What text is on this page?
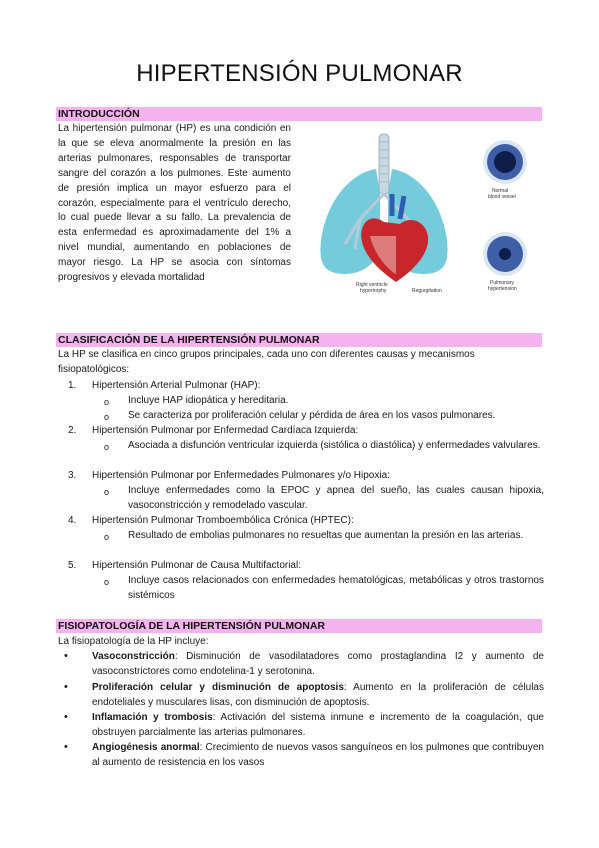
HIPERTENSIÓN PULMONAR
INTRODUCCIÓN
La hipertensión pulmonar (HP) es una condición en la que se eleva anormalmente la presión en las arterias pulmonares, responsables de transportar sangre del corazón a los pulmones. Este aumento de presión implica un mayor esfuerzo para el corazón, especialmente para el ventrículo derecho, lo cual puede llevar a su fallo. La prevalencia de esta enfermedad es aproximadamente del 1% a nivel mundial, aumentando en poblaciones de mayor riesgo. La HP se asocia con síntomas progresivos y elevada mortalidad
Right ventricle
hypertrophy	Regurgitation
Normal
blood vessel
Pulmonary
hypertension
CLASIFICACIÓN DE LA HIPERTENSIÓN PULMONAR
La HP se clasifica en cinco grupos principales, cada uno con diferentes causas y mecanismos fisiopatológicos:
1. Hipertensión Arterial Pulmonar (HAP):
o Incluye HAP idiopática y hereditaria.
o Se caracteriza por proliferación celular y pérdida de área en los vasos pulmonares.
2. Hipertensión Pulmonar por Enfermedad Cardíaca Izquierda:
o Asociada a disfunción ventricular izquierda (sistólica o diastólica) y enfermedades valvulares.
3. Hipertensión Pulmonar por Enfermedades Pulmonares y/o Hipoxia:
o Incluye enfermedades como la EPOC y apnea del sueño, las cuales causan hipoxia, vasoconstricción y remodelado vascular.
4. Hipertensión Pulmonar Tromboembólica Crónica (HPTEC):
o Resultado de embolias pulmonares no resueltas que aumentan la presión en las arterias.
5. Hipertensión Pulmonar de Causa Multifactorial:
o Incluye casos relacionados con enfermedades hematológicas, metabólicas y otros trastornos sistémicos
FISIOPATOLOGÍA DE LA HIPERTENSIÓN PULMONAR
La fisiopatología de la HP incluye:
• Vasoconstricción: Disminución de vasodilatadores como prostaglandina I2 y aumento de vasoconstrictores como endotelina-1 y serotonina.
• Proliferación celular y disminución de apoptosis: Aumento en la proliferación de células endoteliales y musculares lisas, con disminución de apoptosis.
• Inflamación y trombosis: Activación del sistema inmune e incremento de la coagulación, que obstruyen parcialmente las arterias pulmonares.
• Angiogénesis anormal: Crecimiento de nuevos vasos sanguíneos en los pulmones que contribuyen al aumento de resistencia en los vasos
